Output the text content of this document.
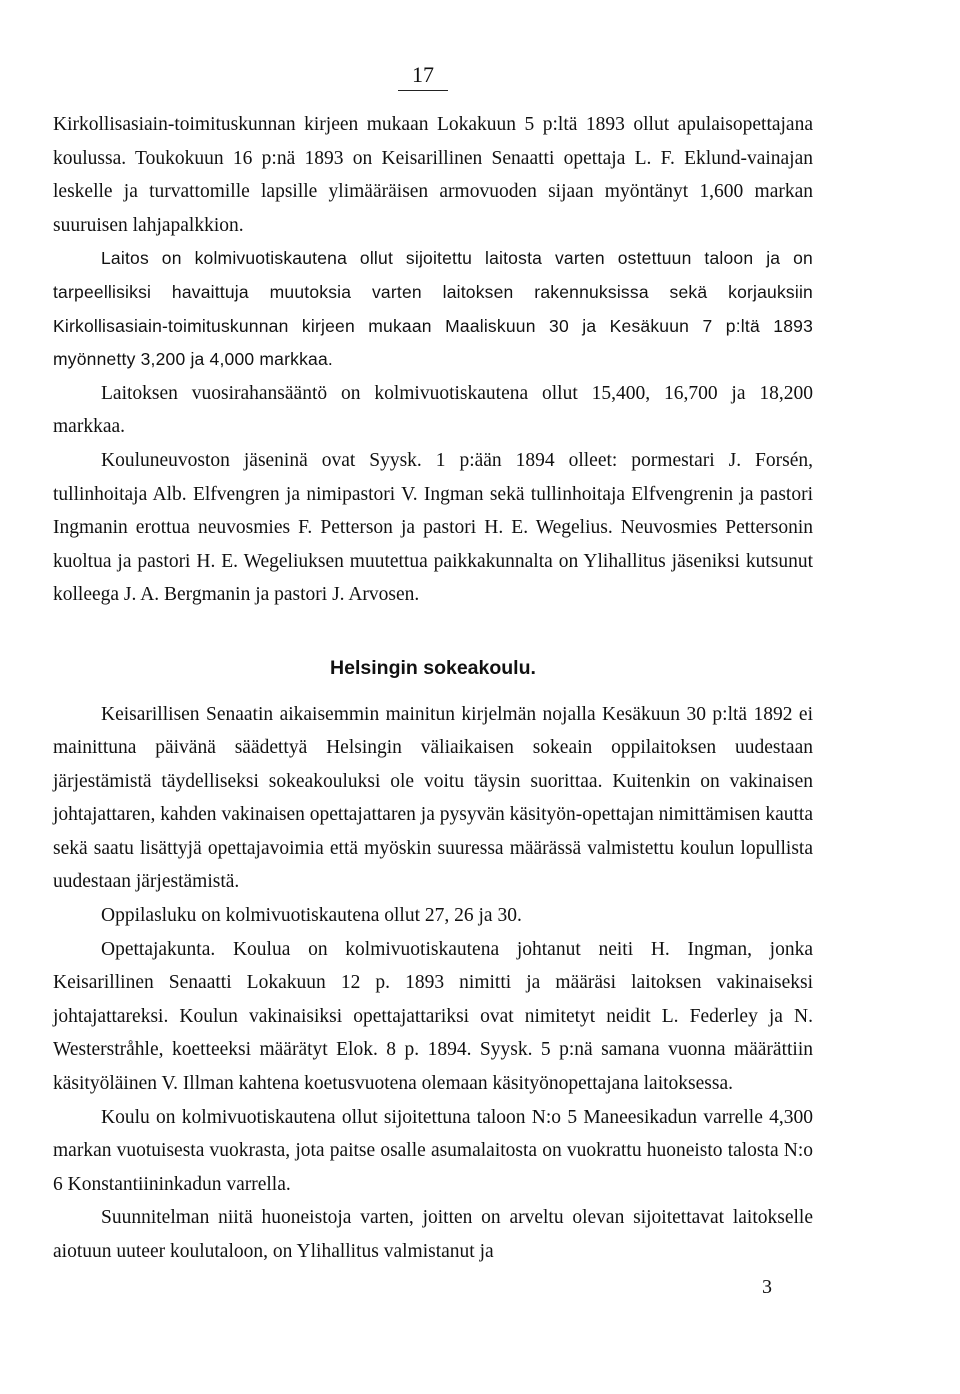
17

Kirkollisasiain-toimituskunnan kirjeen mukaan Lokakuun 5 p:ltä 1893 ollut apulaisopettajana koulussa. Toukokuun 16 p:nä 1893 on Keisarillinen Senaatti opettaja L. F. Eklund-vainajan leskelle ja turvattomille lapsille ylimääräisen armovuoden sijaan myöntänyt 1,600 markan suuruisen lahjapalkkion.

Laitos on kolmivuotiskautena ollut sijoitettu laitosta varten ostettuun taloon ja on tarpeellisiksi havaittuja muutoksia varten laitoksen rakennuksissa sekä korjauksiin Kirkollisasiain-toimituskunnan kirjeen mukaan Maaliskuun 30 ja Kesäkuun 7 p:ltä 1893 myönnetty 3,200 ja 4,000 markkaa.

Laitoksen vuosirahansääntö on kolmivuotiskautena ollut 15,400, 16,700 ja 18,200 markkaa.

Kouluneuvoston jäseninä ovat Syysk. 1 p:ään 1894 olleet: pormestari J. Forsén, tullinhoitaja Alb. Elfvengren ja nimipastori V. Ingman sekä tullinhoitaja Elfvengrenin ja pastori Ingmanin erottua neuvosmies F. Petterson ja pastori H. E. Wegelius. Neuvosmies Pettersonin kuoltua ja pastori H. E. Wegeliuksen muutettua paikkakunnalta on Ylihallitus jäseniksi kutsunut kolleega J. A. Bergmanin ja pastori J. Arvosen.

Helsingin sokeakoulu.

Keisarillisen Senaatin aikaisemmin mainitun kirjelmän nojalla Kesäkuun 30 p:ltä 1892 ei mainittuna päivänä säädettyä Helsingin väliaikaisen sokeain oppilaitoksen uudestaan järjestämistä täydelliseksi sokeakouluksi ole voitu täysin suorittaa. Kuitenkin on vakinaisen johtajattaren, kahden vakinaisen opettajattaren ja pysyvän käsityön-opettajan nimittämisen kautta sekä saatu lisättyjä opettajavoimia että myöskin suuressa määrässä valmistettu koulun lopullista uudestaan järjestämistä.

Oppilasluku on kolmivuotiskautena ollut 27, 26 ja 30.

Opettajakunta. Koulua on kolmivuotiskautena johtanut neiti H. Ingman, jonka Keisarillinen Senaatti Lokakuun 12 p. 1893 nimitti ja määräsi laitoksen vakinaiseksi johtajattareksi. Koulun vakinaisiksi opettajattariksi ovat nimitetyt neidit L. Federley ja N. Westerstråhle, koetteeksi määrätyt Elok. 8 p. 1894. Syysk. 5 p:nä samana vuonna määrättiin käsityöläinen V. Illman kahtena koetusvuotena olemaan käsityönopettajana laitoksessa.

Koulu on kolmivuotiskautena ollut sijoitettuna taloon N:o 5 Maneesikadun varrelle 4,300 markan vuotuisesta vuokrasta, jota paitse osalle asumalaitosta on vuokrattu huoneisto talosta N:o 6 Konstantiininkadun varrella.

Suunnitelman niitä huoneistoja varten, joitten on arveltu olevan sijoitettavat laitokselle aiotuun uuteer koulutaloon, on Ylihallitus valmistanut ja

3
